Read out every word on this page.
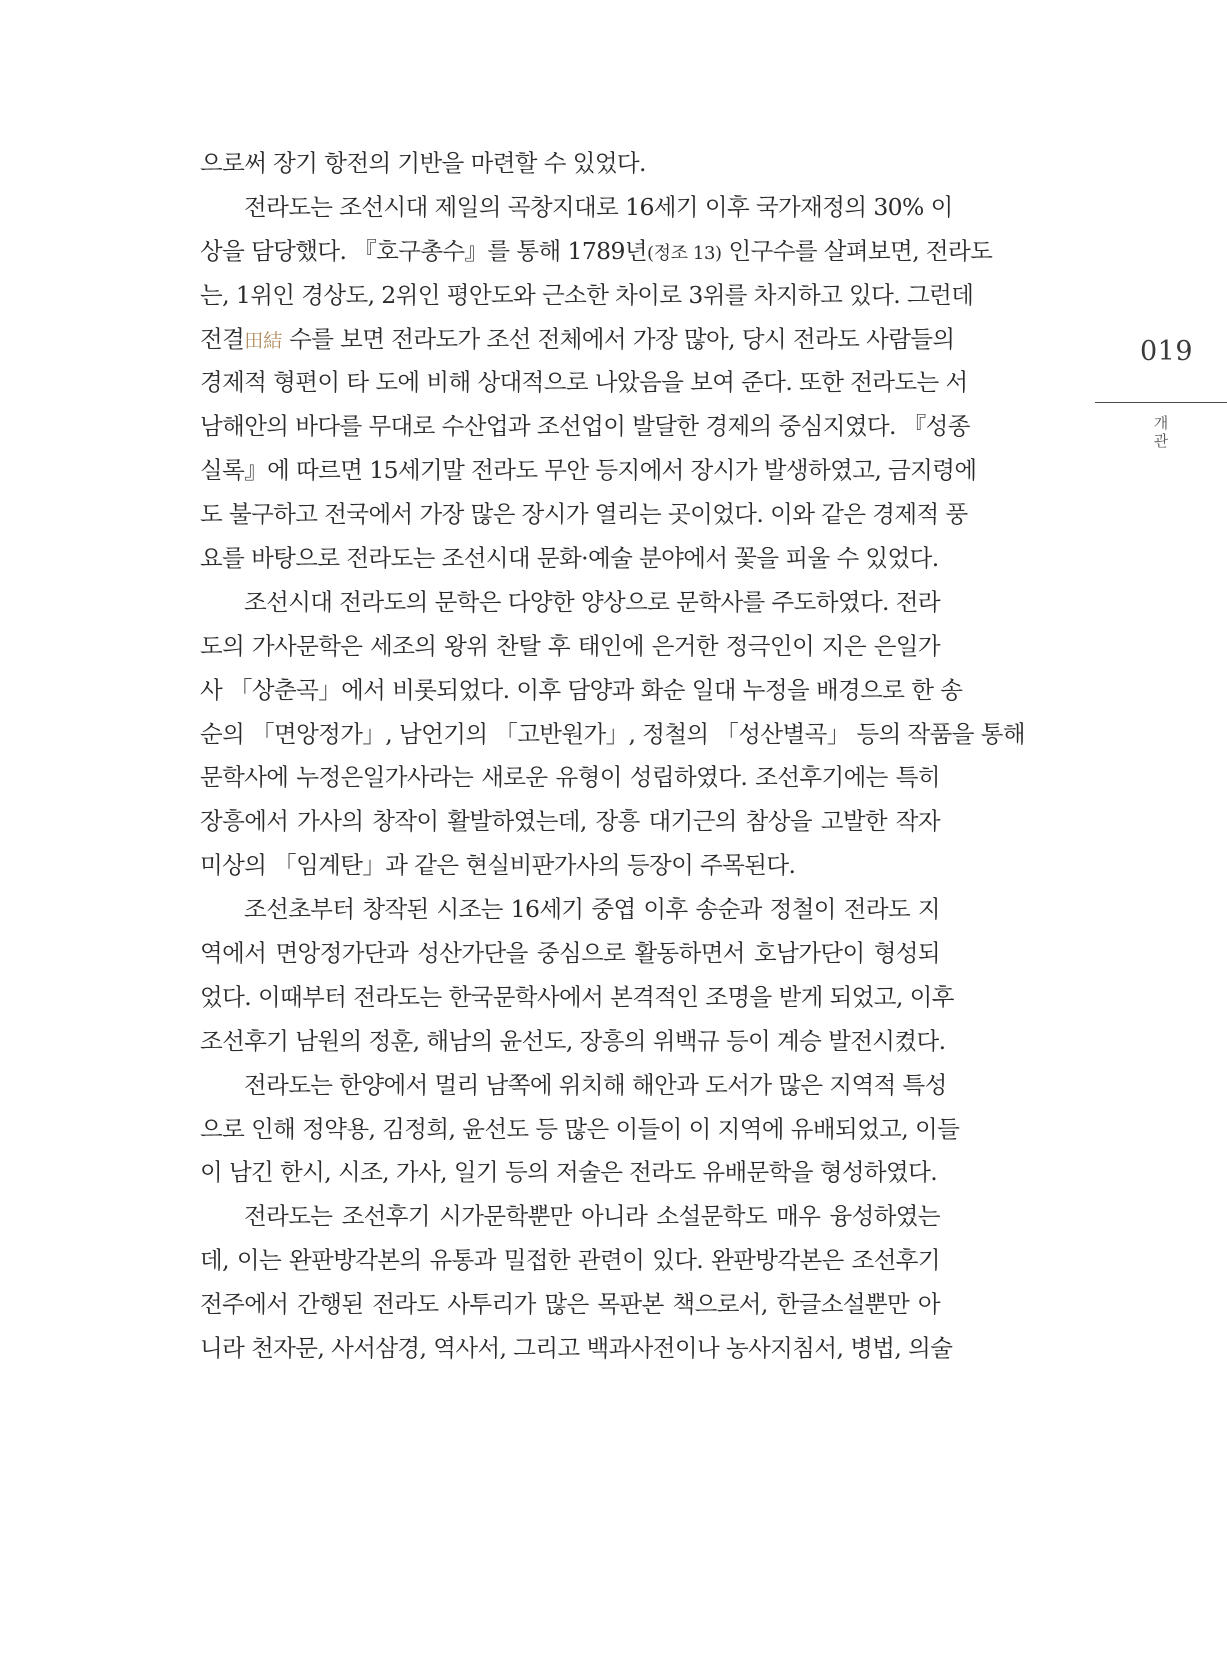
으로써 장기 항전의 기반을 마련할 수 있었다.
전라도는 조선시대 제일의 곡창지대로 16세기 이후 국가재정의 30% 이
상을 담당했다. 『호구총수』를 통해 1789년(정조 13) 인구수를 살펴보면, 전라도
는, 1위인 경상도, 2위인 평안도와 근소한 차이로 3위를 차지하고 있다. 그런데
전결田結 수를 보면 전라도가 조선 전체에서 가장 많아, 당시 전라도 사람들의
경제적 형편이 타 도에 비해 상대적으로 나았음을 보여 준다. 또한 전라도는 서
남해안의 바다를 무대로 수산업과 조선업이 발달한 경제의 중심지였다. 『성종
실록』에 따르면 15세기말 전라도 무안 등지에서 장시가 발생하였고, 금지령에
도 불구하고 전국에서 가장 많은 장시가 열리는 곳이었다. 이와 같은 경제적 풍
요를 바탕으로 전라도는 조선시대 문화·예술 분야에서 꽃을 피울 수 있었다.
조선시대 전라도의 문학은 다양한 양상으로 문학사를 주도하였다. 전라
도의 가사문학은 세조의 왕위 찬탈 후 태인에 은거한 정극인이 지은 은일가
사 「상춘곡」에서 비롯되었다. 이후 담양과 화순 일대 누정을 배경으로 한 송
순의 「면앙정가」, 남언기의 「고반원가」, 정철의 「성산별곡」 등의 작품을 통해
문학사에 누정은일가사라는 새로운 유형이 성립하였다. 조선후기에는 특히
장흥에서 가사의 창작이 활발하였는데, 장흥 대기근의 참상을 고발한 작자
미상의 「임계탄」과 같은 현실비판가사의 등장이 주목된다.
조선초부터 창작된 시조는 16세기 중엽 이후 송순과 정철이 전라도 지
역에서 면앙정가단과 성산가단을 중심으로 활동하면서 호남가단이 형성되
었다. 이때부터 전라도는 한국문학사에서 본격적인 조명을 받게 되었고, 이후
조선후기 남원의 정훈, 해남의 윤선도, 장흥의 위백규 등이 계승 발전시켰다.
전라도는 한양에서 멀리 남쪽에 위치해 해안과 도서가 많은 지역적 특성
으로 인해 정약용, 김정희, 윤선도 등 많은 이들이 이 지역에 유배되었고, 이들
이 남긴 한시, 시조, 가사, 일기 등의 저술은 전라도 유배문학을 형성하였다.
전라도는 조선후기 시가문학뿐만 아니라 소설문학도 매우 융성하였는
데, 이는 완판방각본의 유통과 밀접한 관련이 있다. 완판방각본은 조선후기
전주에서 간행된 전라도 사투리가 많은 목판본 책으로서, 한글소설뿐만 아
니라 천자문, 사서삼경, 역사서, 그리고 백과사전이나 농사지침서, 병법, 의술
019
개
관
